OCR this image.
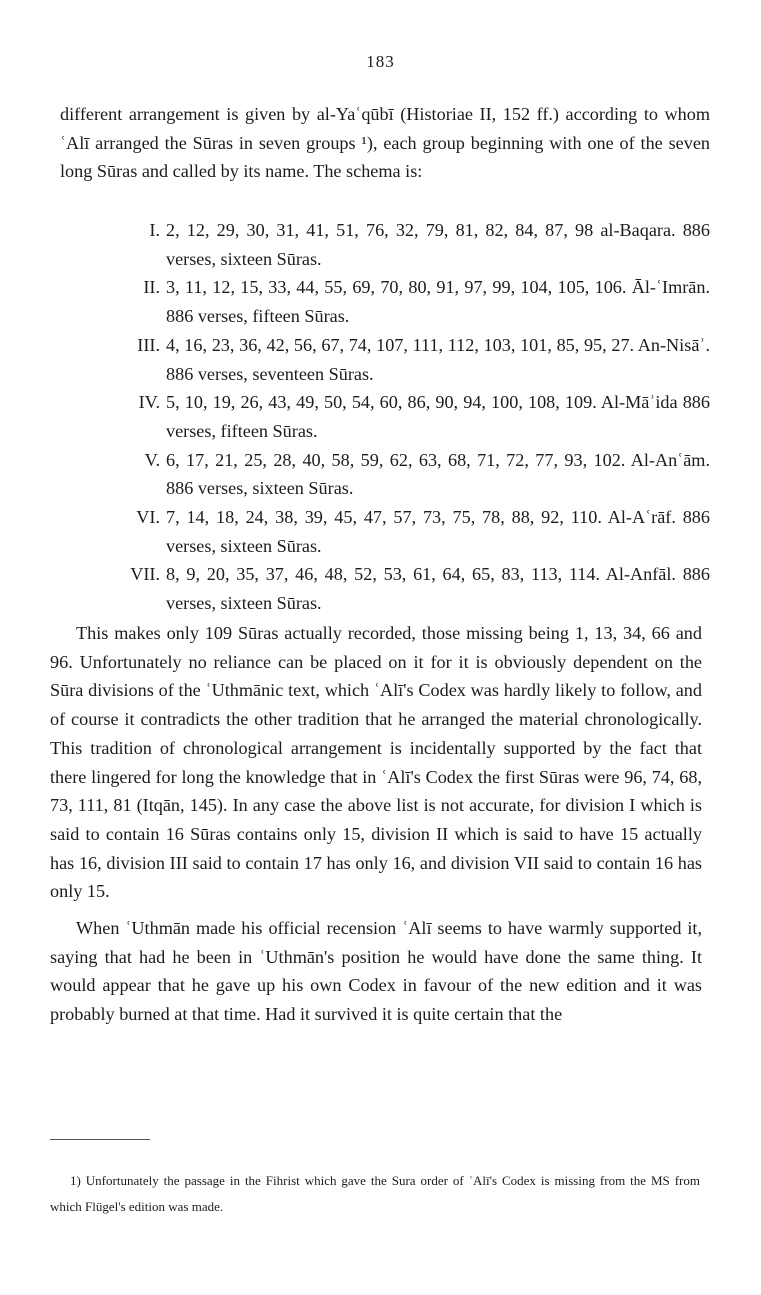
183
different arrangement is given by al-Yaʿqūbī (Historiae II, 152 ff.) according to whom ʿAlī arranged the Sūras in seven groups ¹), each group beginning with one of the seven long Sūras and called by its name. The schema is:
I. 2, 12, 29, 30, 31, 41, 51, 76, 32, 79, 81, 82, 84, 87, 98 al-Baqara. 886 verses, sixteen Sūras.
II. 3, 11, 12, 15, 33, 44, 55, 69, 70, 80, 91, 97, 99, 104, 105, 106. Āl-ʿImrān. 886 verses, fifteen Sūras.
III. 4, 16, 23, 36, 42, 56, 67, 74, 107, 111, 112, 103, 101, 85, 95, 27. An-Nisāʾ. 886 verses, seventeen Sūras.
IV. 5, 10, 19, 26, 43, 49, 50, 54, 60, 86, 90, 94, 100, 108, 109. Al-Māʾida 886 verses, fifteen Sūras.
V. 6, 17, 21, 25, 28, 40, 58, 59, 62, 63, 68, 71, 72, 77, 93, 102. Al-Anʿām. 886 verses, sixteen Sūras.
VI. 7, 14, 18, 24, 38, 39, 45, 47, 57, 73, 75, 78, 88, 92, 110. Al-Aʿrāf. 886 verses, sixteen Sūras.
VII. 8, 9, 20, 35, 37, 46, 48, 52, 53, 61, 64, 65, 83, 113, 114. Al-Anfāl. 886 verses, sixteen Sūras.

This makes only 109 Sūras actually recorded, those missing being 1, 13, 34, 66 and 96. Unfortunately no reliance can be placed on it for it is obviously dependent on the Sūra divisions of the ʿUthmānic text, which ʿAlī's Codex was hardly likely to follow, and of course it contradicts the other tradition that he arranged the material chronologically. This tradition of chronological arrangement is incidentally supported by the fact that there lingered for long the knowledge that in ʿAlī's Codex the first Sūras were 96, 74, 68, 73, 111, 81 (Itqān, 145). In any case the above list is not accurate, for division I which is said to contain 16 Sūras contains only 15, division II which is said to have 15 actually has 16, division III said to contain 17 has only 16, and division VII said to contain 16 has only 15.

When ʿUthmān made his official recension ʿAlī seems to have warmly supported it, saying that had he been in ʿUthmān's position he would have done the same thing. It would appear that he gave up his own Codex in favour of the new edition and it was probably burned at that time. Had it survived it is quite certain that the

1) Unfortunately the passage in the Fihrist which gave the Sura order of ʿAlī's Codex is missing from the MS from which Flügel's edition was made.
